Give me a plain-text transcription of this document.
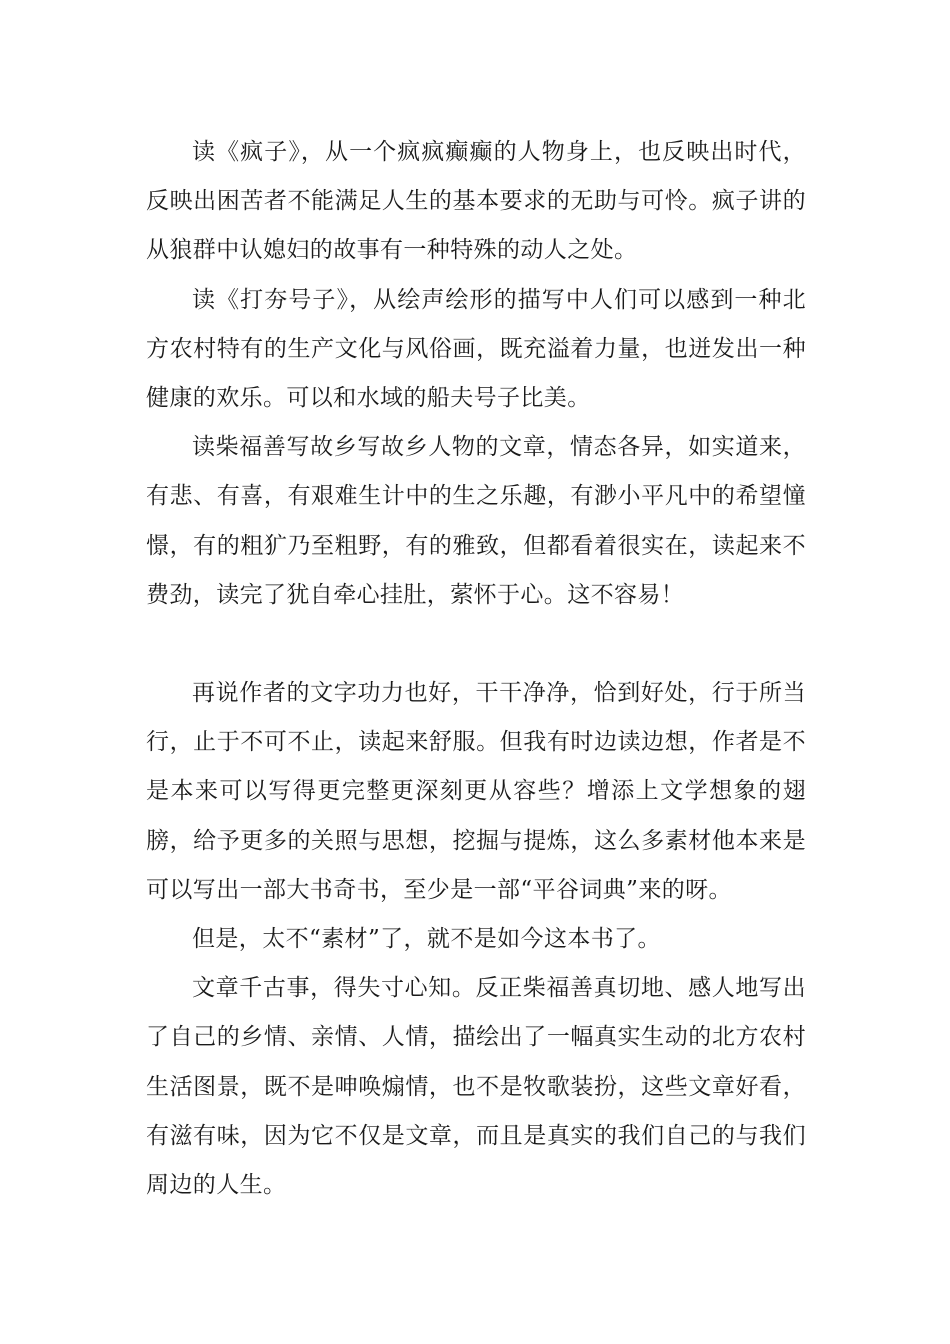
读《疯子》，从一个疯疯癫癫的人物身上，也反映出时代，反映出困苦者不能满足人生的基本要求的无助与可怜。疯子讲的从狼群中认媳妇的故事有一种特殊的动人之处。

读《打夯号子》，从绘声绘形的描写中人们可以感到一种北方农村特有的生产文化与风俗画，既充溢着力量，也迸发出一种健康的欢乐。可以和水域的船夫号子比美。

读柴福善写故乡写故乡人物的文章，情态各异，如实道来，有悲、有喜，有艰难生计中的生之乐趣，有渺小平凡中的希望憧憬，有的粗犷乃至粗野，有的雅致，但都看着很实在，读起来不费劲，读完了犹自牵心挂肚，萦怀于心。这不容易！

再说作者的文字功力也好，干干净净，恰到好处，行于所当行，止于不可不止，读起来舒服。但我有时边读边想，作者是不是本来可以写得更完整更深刻更从容些？增添上文学想象的翅膀，给予更多的关照与思想，挖掘与提炼，这么多素材他本来是可以写出一部大书奇书，至少是一部“平谷词典”来的呀。

但是，太不“素材”了，就不是如今这本书了。

文章千古事，得失寸心知。反正柴福善真切地、感人地写出了自己的乡情、亲情、人情，描绘出了一幅真实生动的北方农村生活图景，既不是呻唤煽情，也不是牧歌装扮，这些文章好看，有滋有味，因为它不仅是文章，而且是真实的我们自己的与我们周边的人生。
